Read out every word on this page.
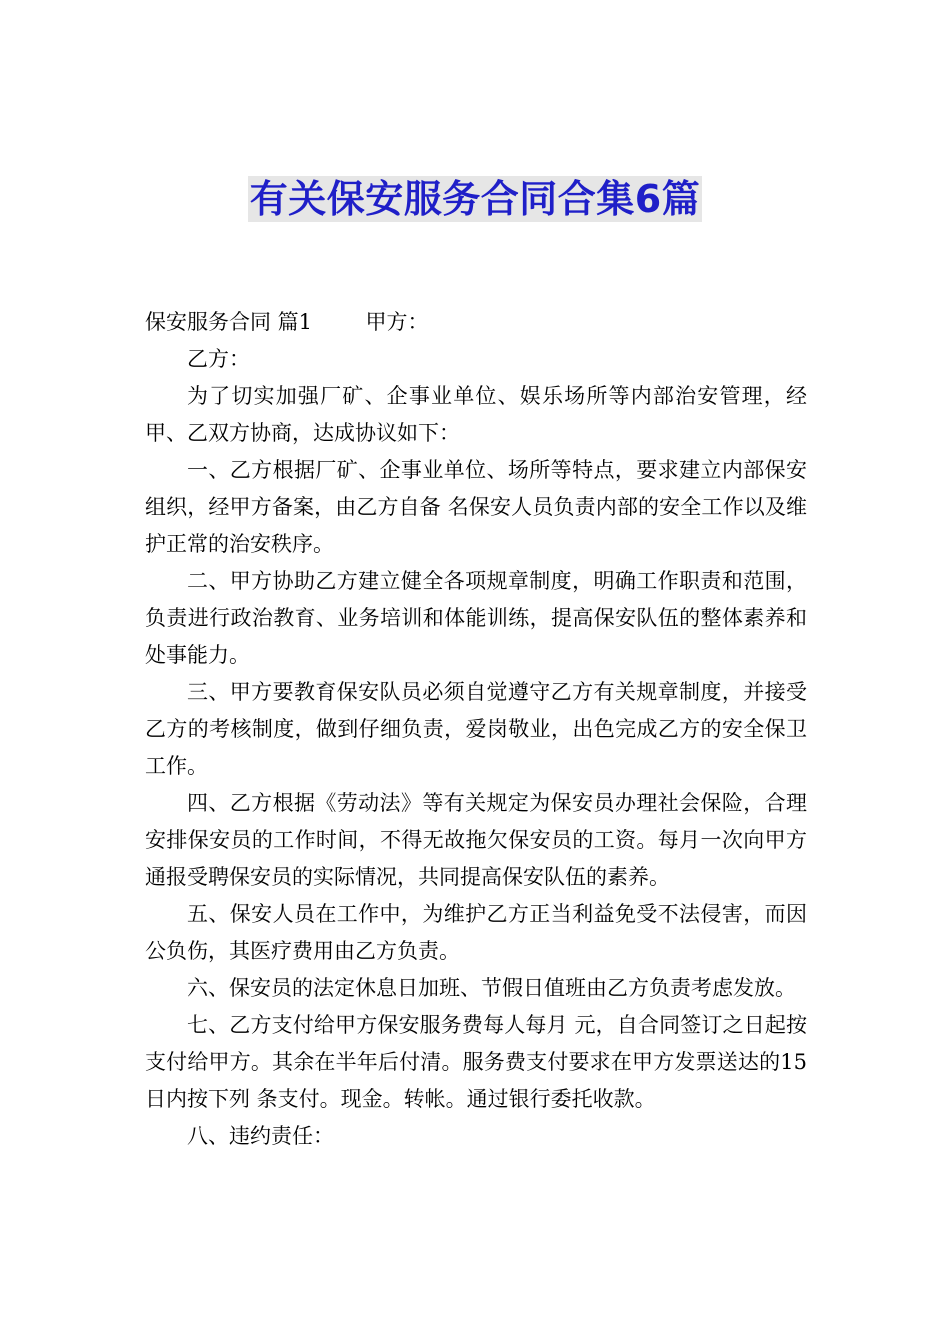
有关保安服务合同合集6篇

保安服务合同 篇1        甲方：

乙方：

为了切实加强厂矿、企事业单位、娱乐场所等内部治安管理，经甲、乙双方协商，达成协议如下：

一、乙方根据厂矿、企事业单位、场所等特点，要求建立内部保安组织，经甲方备案，由乙方自备 名保安人员负责内部的安全工作以及维护正常的治安秩序。

二、甲方协助乙方建立健全各项规章制度，明确工作职责和范围，负责进行政治教育、业务培训和体能训练，提高保安队伍的整体素养和处事能力。

三、甲方要教育保安队员必须自觉遵守乙方有关规章制度，并接受乙方的考核制度，做到仔细负责，爱岗敬业，出色完成乙方的安全保卫工作。

四、乙方根据《劳动法》等有关规定为保安员办理社会保险，合理安排保安员的工作时间，不得无故拖欠保安员的工资。每月一次向甲方通报受聘保安员的实际情况，共同提高保安队伍的素养。

五、保安人员在工作中，为维护乙方正当利益免受不法侵害，而因公负伤，其医疗费用由乙方负责。

六、保安员的法定休息日加班、节假日值班由乙方负责考虑发放。

七、乙方支付给甲方保安服务费每人每月 元，自合同签订之日起按 支付给甲方。其余在半年后付清。服务费支付要求在甲方发票送达的15日内按下列 条支付。现金。转帐。通过银行委托收款。

八、违约责任：
